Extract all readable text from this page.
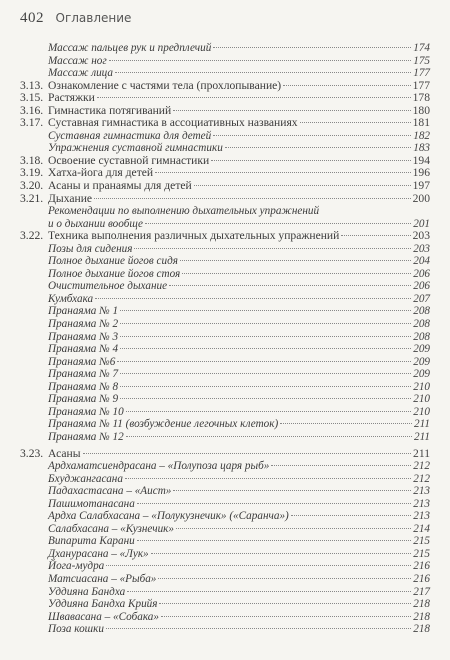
402 Оглавление
Массаж пальцев рук и предплечий	174
Массаж ног	175
Массаж лица	177
3.13. Ознакомление с частями тела (прохлопывание)	177
3.15. Растяжки	178
3.16. Гимнастика потягиваний	180
3.17. Суставная гимнастика в ассоциативных названиях	181
Суставная гимнастика для детей	182
Упражнения суставной гимнастики	183
3.18. Освоение суставной гимнастики	194
3.19. Хатха-йога для детей	196
3.20. Асаны и пранаямы для детей	197
3.21. Дыхание	200
Рекомендации по выполнению дыхательных упражнений
и о дыхании вообще	201
3.22. Техника выполнения различных дыхательных упражнений	203
Позы для сидения	203
Полное дыхание йогов сидя	204
Полное дыхание йогов стоя	206
Очистительное дыхание	206
Кумбхака	207
Пранаяма № 1	208
Пранаяма № 2	208
Пранаяма № 3	208
Пранаяма № 4	209
Пранаяма №6	209
Пранаяма № 7	209
Пранаяма № 8	210
Пранаяма № 9	210
Пранаяма № 10	210
Пранаяма № 11 (возбуждение легочных клеток)	211
Пранаяма № 12	211
3.23. Асаны	211
Ардхаматсиендрасана – «Полупоза царя рыб»	212
Бхуджангасана	212
Падахастасана – «Аист»	213
Пашимотанасана	213
Ардха Салабхасана – «Полукузнечик» («Саранча»)	213
Салабхасана – «Кузнечик»	214
Випарита Карани	215
Дханурасана – «Лук»	215
Йога-мудра	216
Матсиасана – «Рыба»	216
Уддияна Бандха	217
Уддияна Бандха Крийя	218
Швавасана – «Собака»	218
Поза кошки	218
